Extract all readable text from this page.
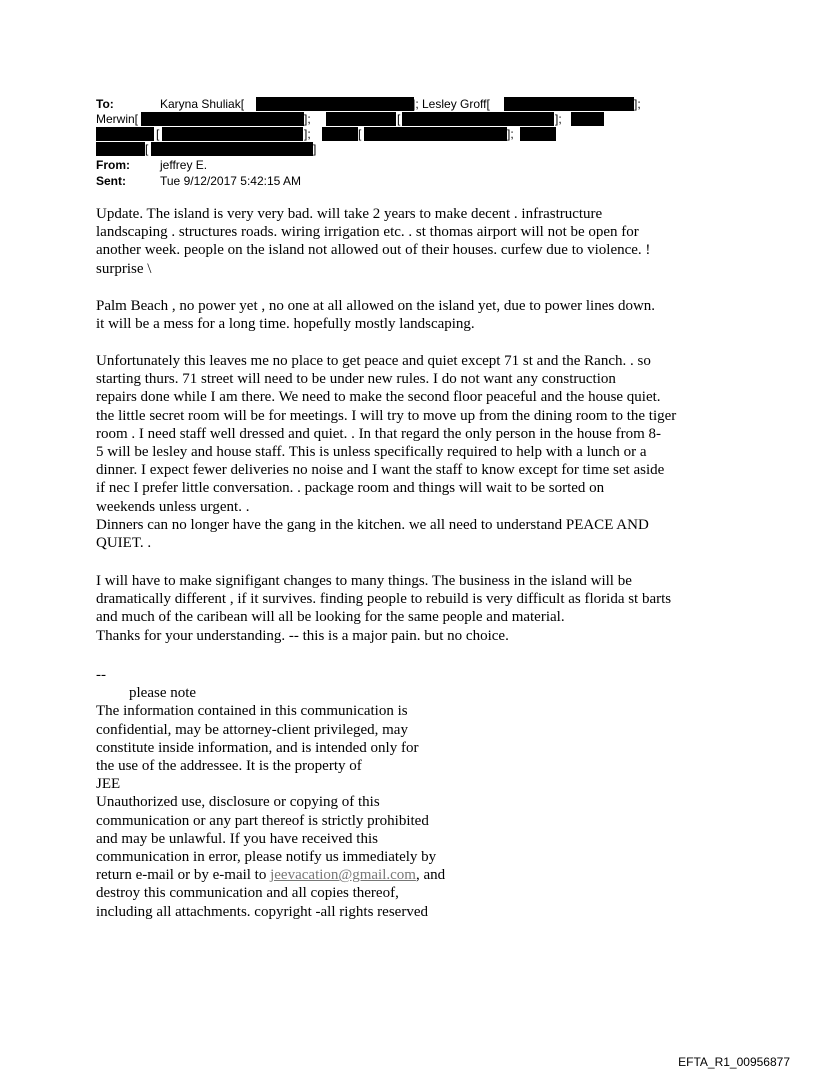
To:	Karyna Shuliak[	]; Lesley Groff[	];
Merwin[	];	[	];
[	];	[	];
[	]
From:	jeffrey E.
Sent:	Tue 9/12/2017 5:42:15 AM
Update. The island is very very bad. will take 2 years to make decent . infrastructure
landscaping . structures roads. wiring irrigation etc. . st thomas airport will not be open for
another week. people on the island not allowed out of their houses. curfew due to violence. !
surprise \
Palm Beach , no power yet , no one at all allowed on the island yet, due to power lines down.
it will be a mess for a long time. hopefully mostly landscaping.
Unfortunately this leaves me no place to get peace and quiet except 71 st and the Ranch. . so
starting thurs. 71 street will need to be under new rules. I do not want any construction
repairs done while I am there. We need to make the second floor peaceful and the house quiet.
the little secret room will be for meetings. I will try to move up from the dining room to the tiger
room . I need staff well dressed and quiet. . In that regard the only person in the house from 8-
5 will be lesley and house staff. This is unless specifically required to help with a lunch or a
dinner. I expect fewer deliveries no noise and I want the staff to know except for time set aside
if nec I prefer little conversation. . package room and things will wait to be sorted on
weekends unless urgent. .
Dinners can no longer have the gang in the kitchen. we all need to understand PEACE AND
QUIET. .
I will have to make signifigant changes to many things. The business in the island will be
dramatically different , if it survives. finding people to rebuild is very difficult as florida st barts
and much of the caribean will all be looking for the same people and material.
Thanks for your understanding. -- this is a major pain. but no choice.
--
please note
The information contained in this communication is
confidential, may be attorney-client privileged, may
constitute inside information, and is intended only for
the use of the addressee. It is the property of
JEE
Unauthorized use, disclosure or copying of this
communication or any part thereof is strictly prohibited
and may be unlawful. If you have received this
communication in error, please notify us immediately by
return e-mail or by e-mail to jeevacation@gmail.com, and
destroy this communication and all copies thereof,
including all attachments. copyright -all rights reserved
EFTA_R1_00956877
